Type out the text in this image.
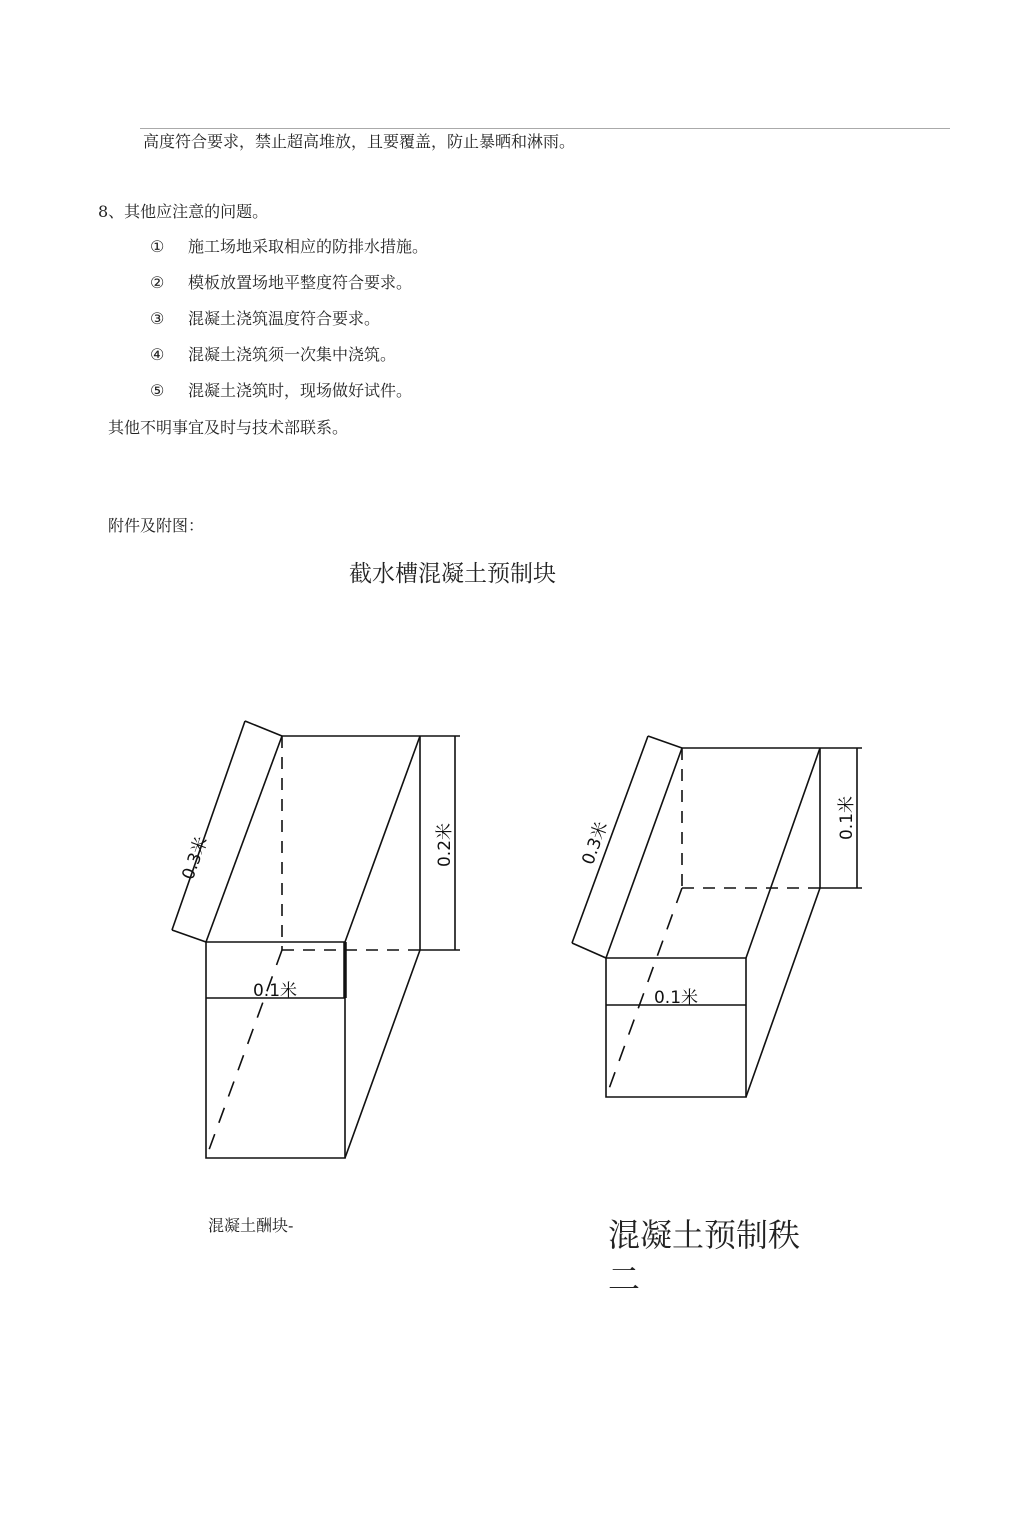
高度符合要求，禁止超高堆放，且要覆盖，防止暴晒和淋雨。
8、其他应注意的问题。
① 施工场地采取相应的防排水措施。
② 模板放置场地平整度符合要求。
③ 混凝土浇筑温度符合要求。
④ 混凝土浇筑须一次集中浇筑。
⑤ 混凝土浇筑时，现场做好试件。
其他不明事宜及时与技术部联系。
附件及附图：
截水槽混凝土预制块
0.3米	0.2米
0.1米
0.3米
0.1米
0.1米
混凝土酬块-	混凝土预制秩二
